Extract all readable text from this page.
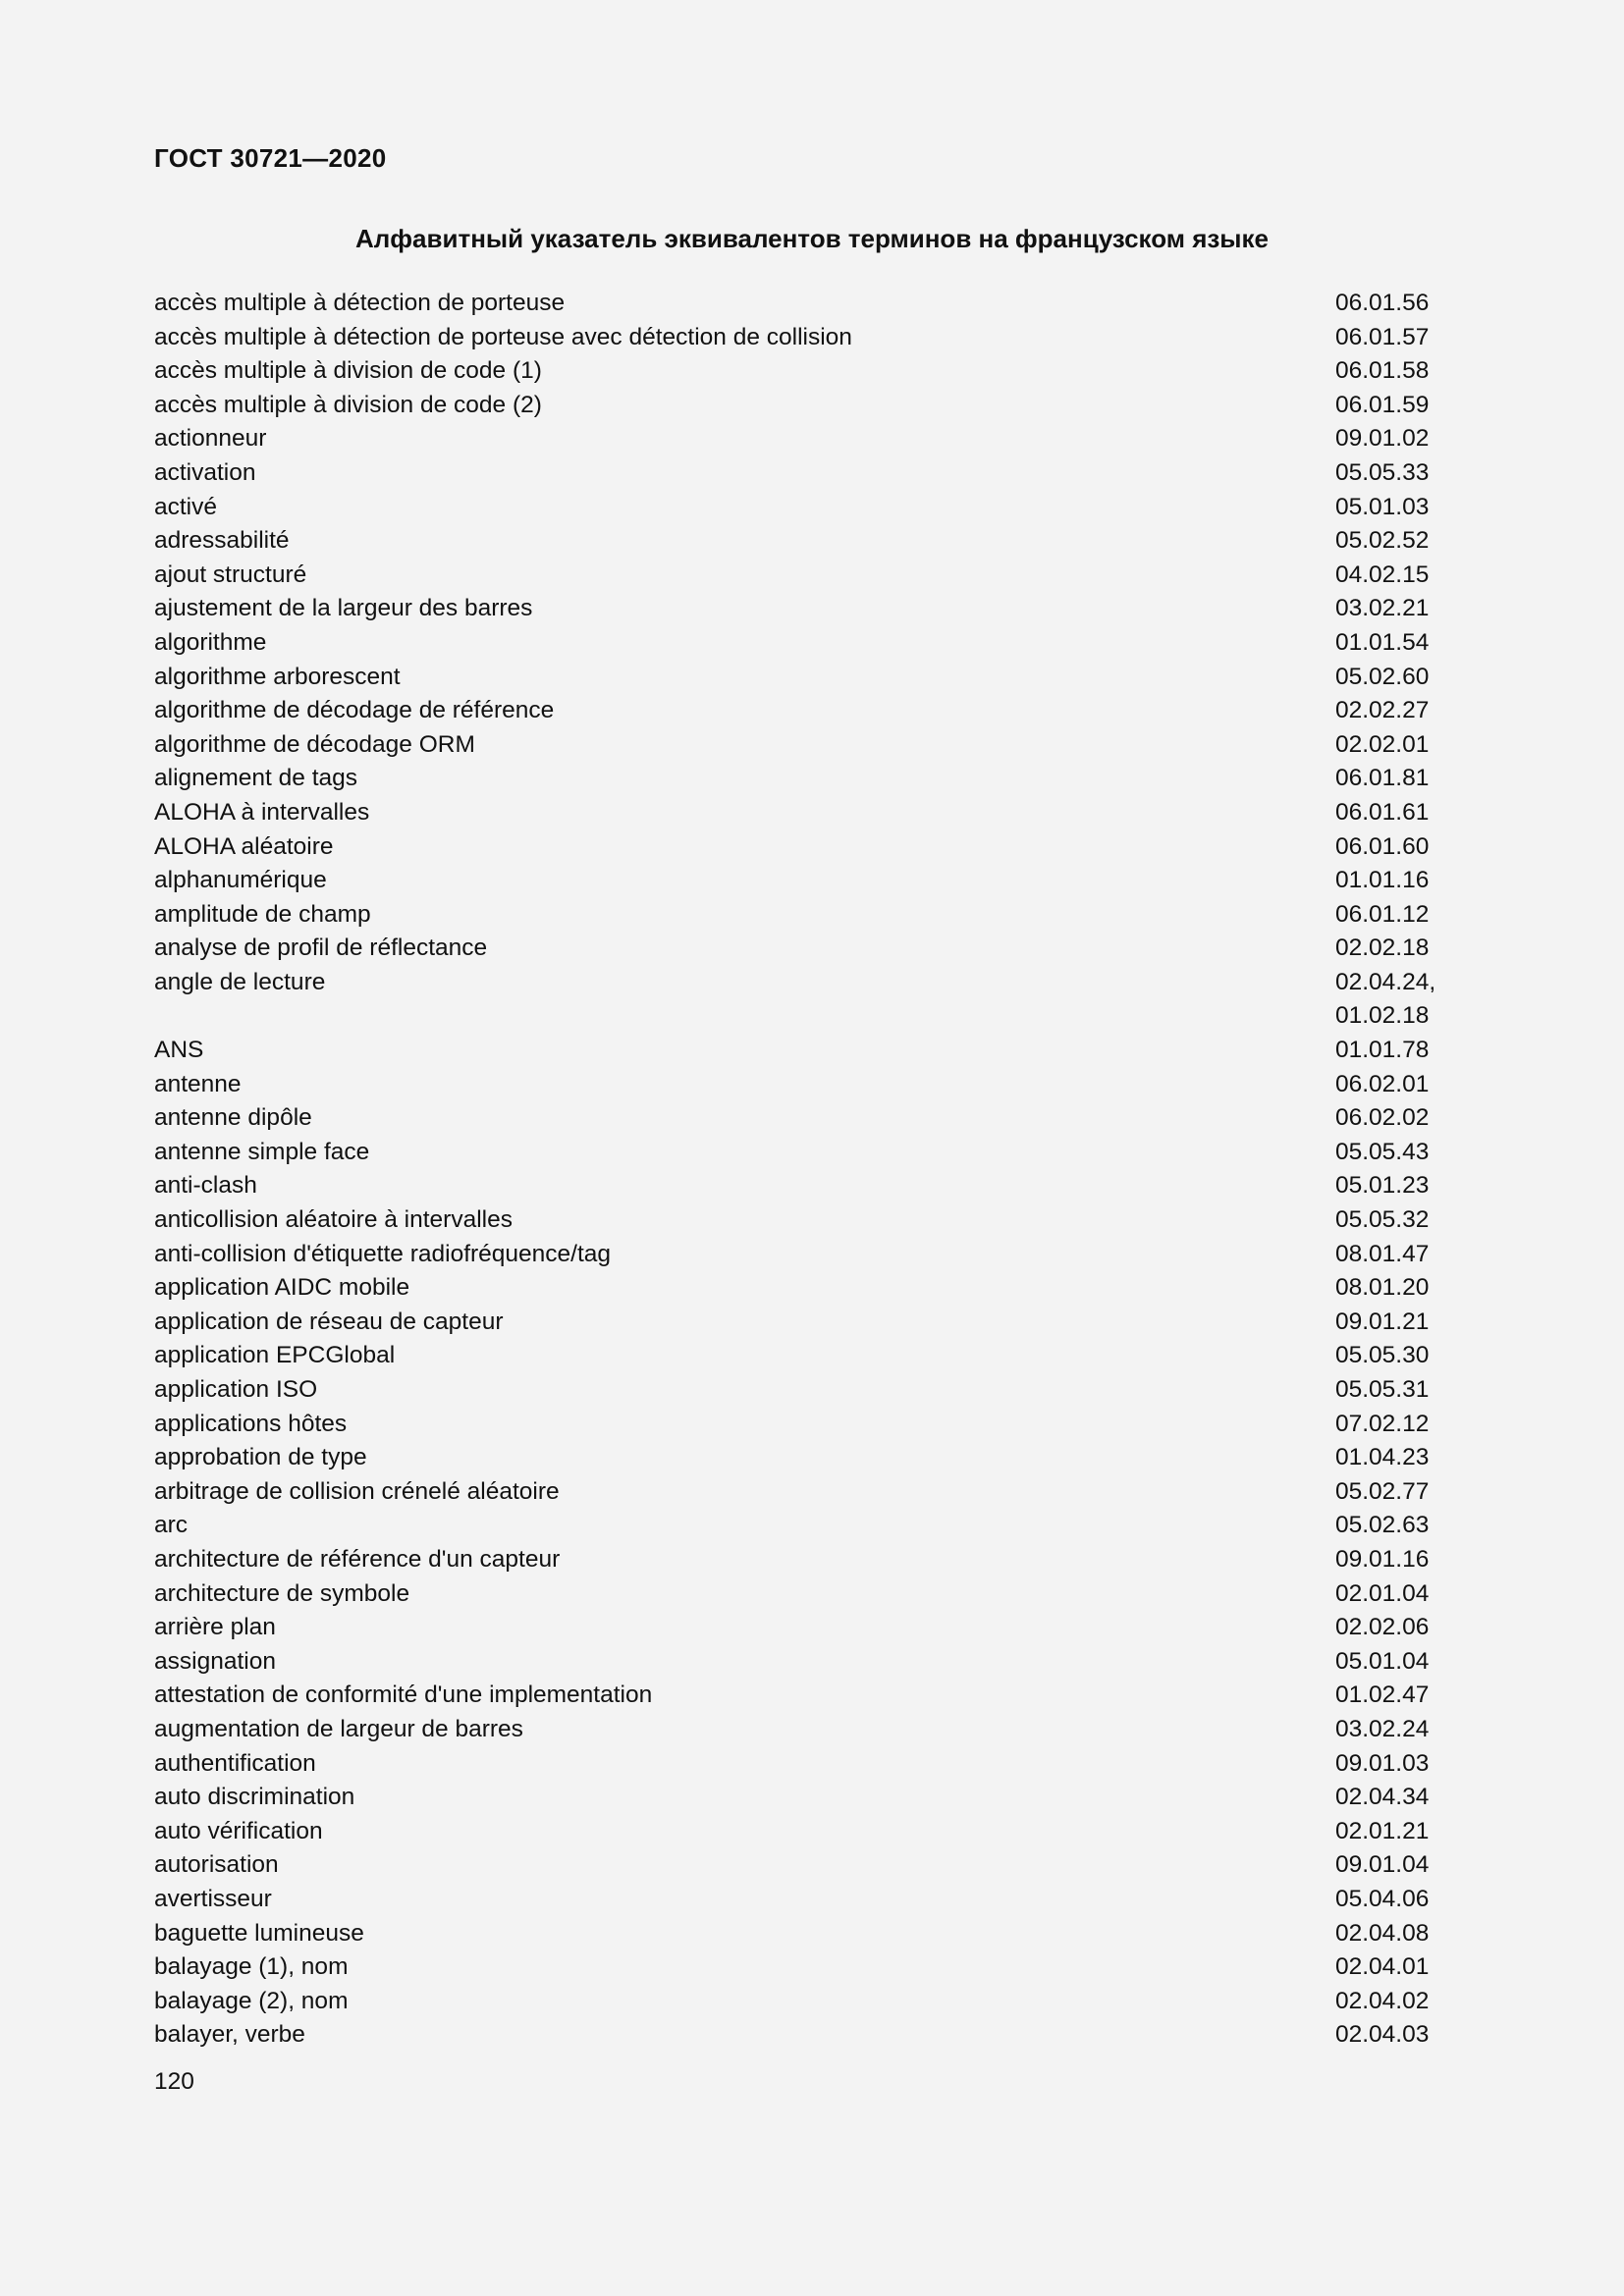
ГОСТ 30721—2020
Алфавитный указатель эквивалентов терминов на французском языке
accès multiple à détection de porteuse	06.01.56
accès multiple à détection de porteuse avec détection de collision	06.01.57
accès multiple à division de code (1)	06.01.58
accès multiple à division de code (2)	06.01.59
actionneur	09.01.02
activation	05.05.33
activé	05.01.03
adressabilité	05.02.52
ajout structuré	04.02.15
ajustement de la largeur des barres	03.02.21
algorithme	01.01.54
algorithme arborescent	05.02.60
algorithme de décodage de référence	02.02.27
algorithme de décodage ORM	02.02.01
alignement de tags	06.01.81
ALOHA à intervalles	06.01.61
ALOHA aléatoire	06.01.60
alphanumérique	01.01.16
amplitude de champ	06.01.12
analyse de profil de réflectance	02.02.18
angle de lecture	02.04.24,
01.02.18
ANS	01.01.78
antenne	06.02.01
antenne dipôle	06.02.02
antenne simple face	05.05.43
anti-clash	05.01.23
anticollision aléatoire à intervalles	05.05.32
anti-collision d'étiquette radiofréquence/tag	08.01.47
application AIDC mobile	08.01.20
application de réseau de capteur	09.01.21
application EPCGlobal	05.05.30
application ISO	05.05.31
applications hôtes	07.02.12
approbation de type	01.04.23
arbitrage de collision crénelé aléatoire	05.02.77
arc	05.02.63
architecture de référence d'un capteur	09.01.16
architecture de symbole	02.01.04
arrière plan	02.02.06
assignation	05.01.04
attestation de conformité d'une implementation	01.02.47
augmentation de largeur de barres	03.02.24
authentification	09.01.03
auto discrimination	02.04.34
auto vérification	02.01.21
autorisation	09.01.04
avertisseur	05.04.06
baguette lumineuse	02.04.08
balayage (1), nom	02.04.01
balayage (2), nom	02.04.02
balayer, verbe	02.04.03
120
